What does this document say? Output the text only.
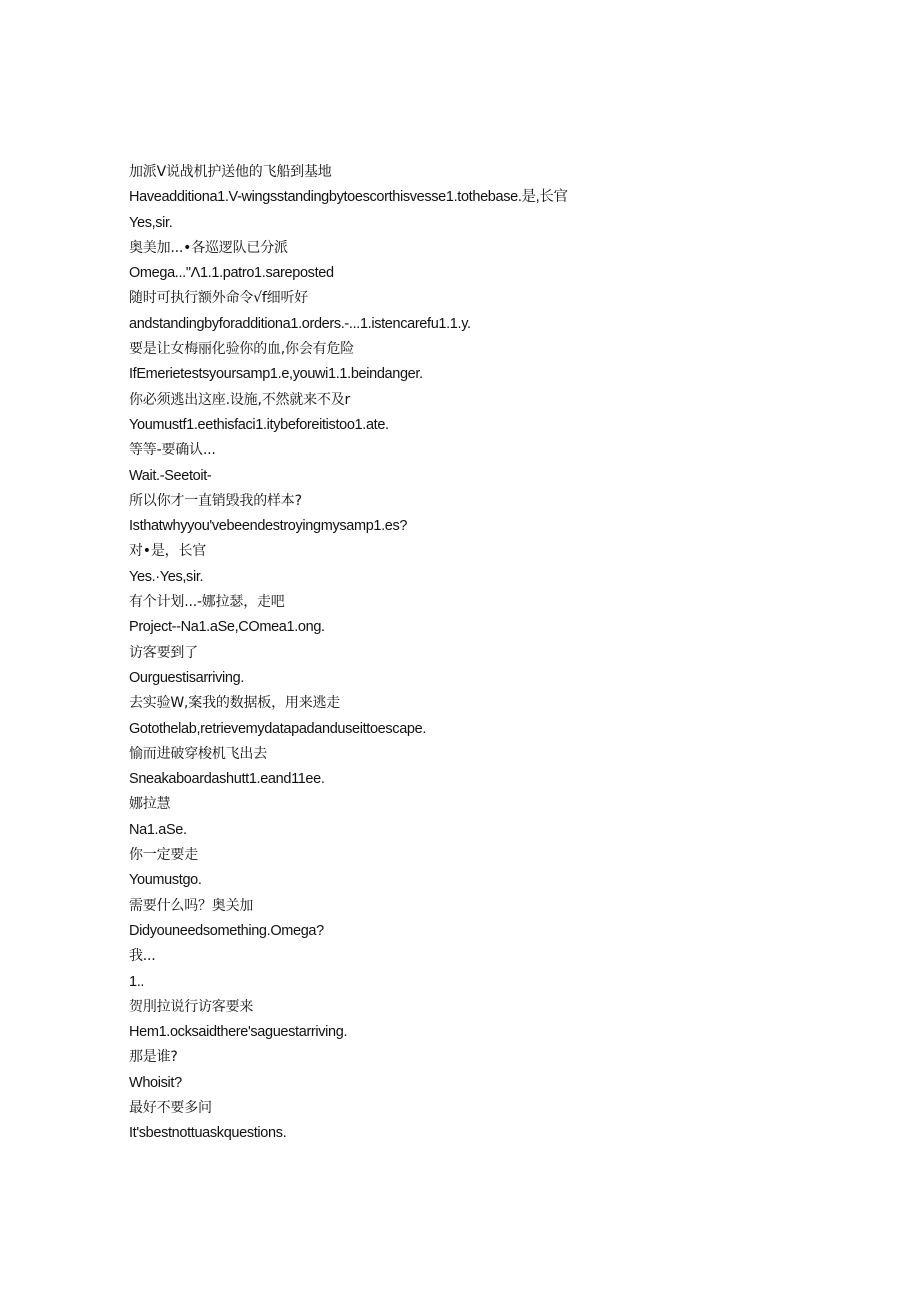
加派V说战机护送他的飞船到基地
Haveadditiona1.V-wingsstandingbytoescorthisvesse1.tothebase.是,长官
Yes,sir.
奥美加...•各巡逻队已分派
Omega..."Λ1.1.patro1.sareposted
随时可执行额外命令√f细听好
andstandingbyforadditiona1.orders.-...1.istencarefu1.1.y.
要是让女梅丽化验你的血,你会有危险
IfEmerietestsyoursamp1.e,youwi1.1.beindanger.
你必须逃出这座.设施,不然就来不及r
Youmustf1.eethisfaci1.itybeforeitistoo1.ate.
等等-要确认...
Wait.-Seetoit-
所以你才一直销毁我的样本?
Isthatwhyyou'vebeendestroyingmysamp1.es?
对•是，长官
Yes.·Yes,sir.
有个计划...-娜拉瑟，走吧
Project--Na1.aSe,COmea1.ong.
访客要到了
Ourguestisarriving.
去实验W,案我的数据板，用来逃走
Gotothelab,retrievemydatapadanduseittoescape.
愉而进破穿梭机飞出去
Sneakaboardashutt1.eand11ee.
娜拉慧
Na1.aSe.
你一定要走
Youmustgo.
需要什么吗？奥关加
Didyouneedsomething.Omega?
我...
1..
贺刖拉说行访客要来
Hem1.ocksaidthere'saguestarriving.
那是谁?
Whoisit?
最好不要多问
It'sbestnottuaskquestions.
